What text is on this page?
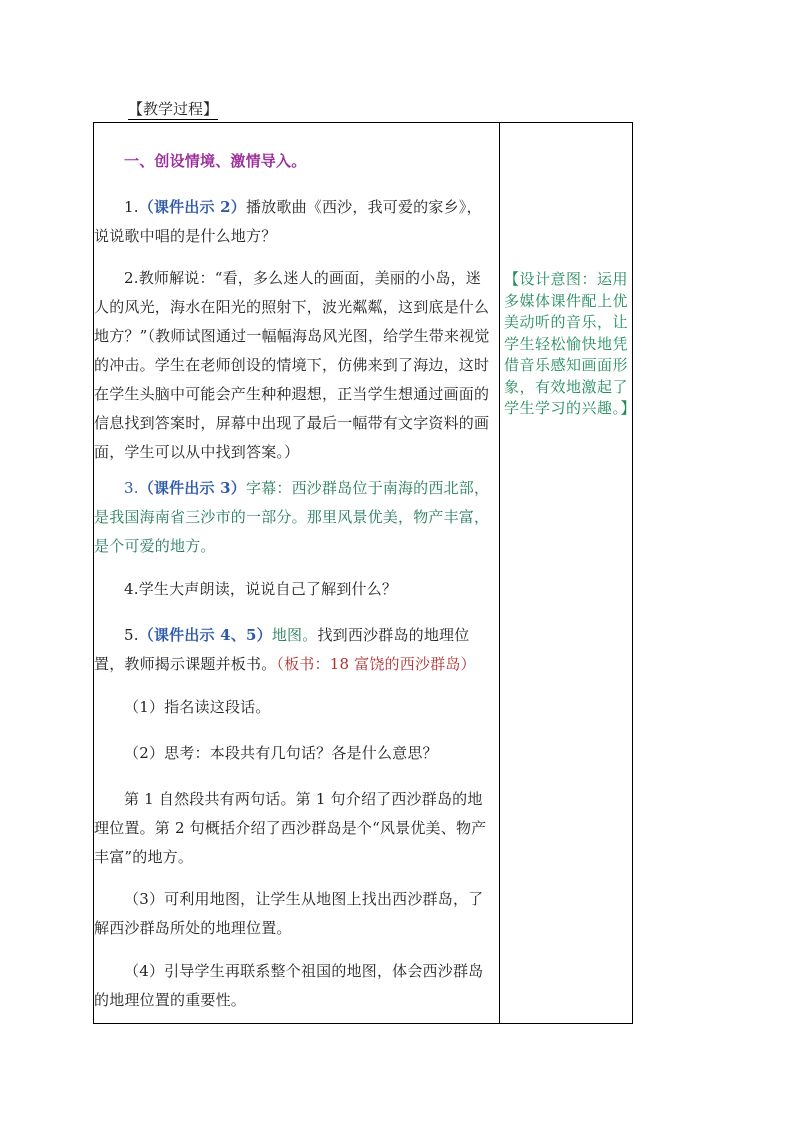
【教学过程】
一、创设情境、激情导入。
1.（课件出示 2）播放歌曲《西沙，我可爱的家乡》，说说歌中唱的是什么地方？
2.教师解说：“看，多么迷人的画面，美丽的小岛，迷人的风光，海水在阳光的照射下，波光粼粼，这到底是什么地方？”（教师试图通过一幅幅海岛风光图，给学生带来视觉的冲击。学生在老师创设的情境下，仿佛来到了海边，这时在学生头脑中可能会产生种种遐想，正当学生想通过画面的信息找到答案时，屏幕中出现了最后一幅带有文字资料的画面，学生可以从中找到答案。）
3.（课件出示 3）字幕：西沙群岛位于南海的西北部，是我国海南省三沙市的一部分。那里风景优美，物产丰富，是个可爱的地方。
4.学生大声朗读，说说自己了解到什么？
5.（课件出示 4、5）地图。找到西沙群岛的地理位置，教师揭示课题并板书。（板书：18 富饶的西沙群岛）
（1）指名读这段话。
（2）思考：本段共有几句话？各是什么意思？
第 1 自然段共有两句话。第 1 句介绍了西沙群岛的地理位置。第 2 句概括介绍了西沙群岛是个“风景优美、物产丰富”的地方。
（3）可利用地图，让学生从地图上找出西沙群岛，了解西沙群岛所处的地理位置。
（4）引导学生再联系整个祖国的地图，体会西沙群岛的地理位置的重要性。
【设计意图：运用多媒体课件配上优美动听的音乐，让学生轻松愉快地凭借音乐感知画面形象，有效地激起了学生学习的兴趣。】
